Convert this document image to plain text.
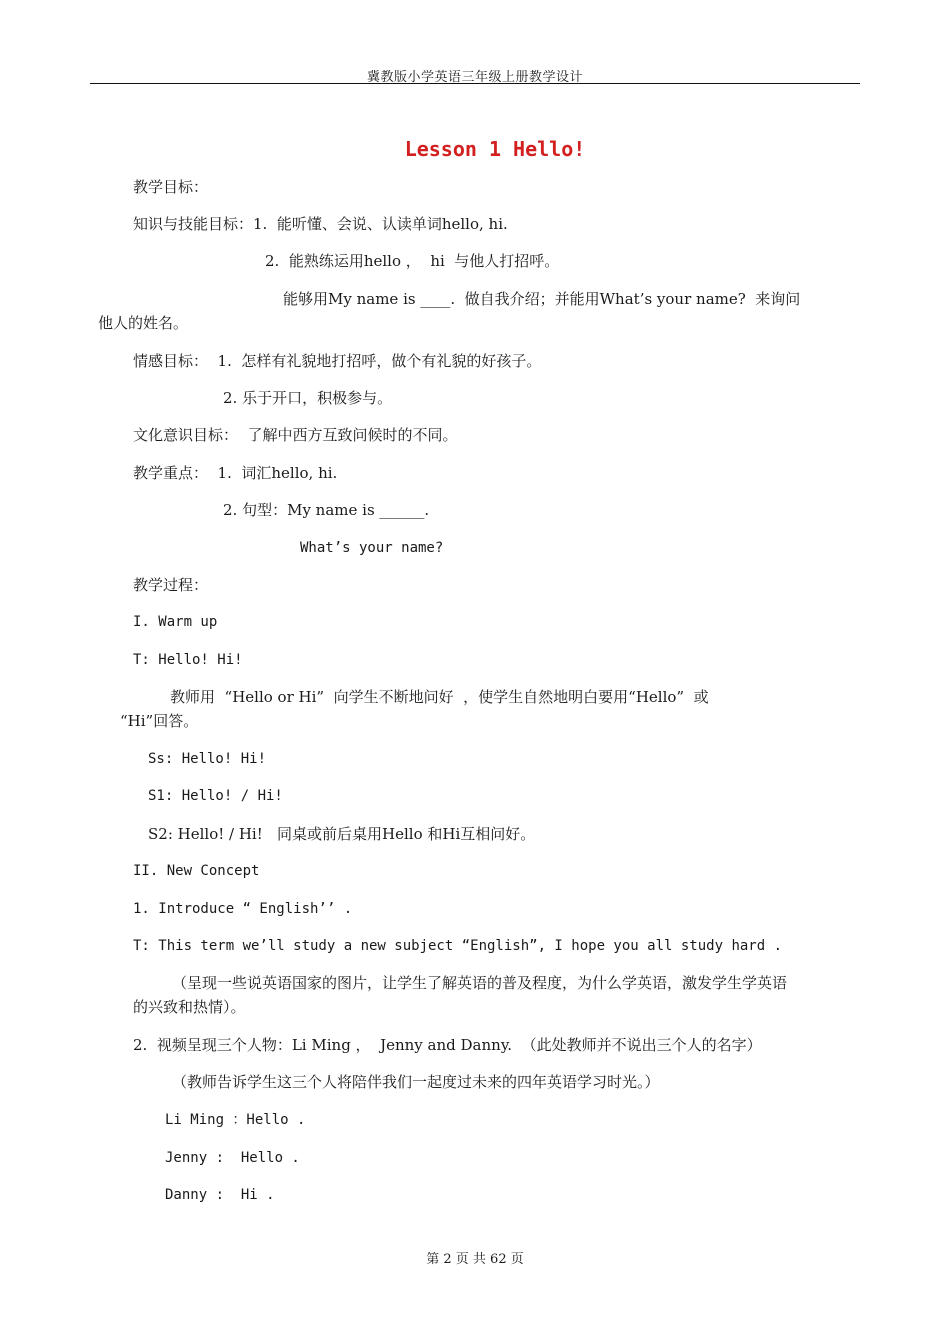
冀教版小学英语三年级上册教学设计
Lesson 1 Hello!
教学目标：
知识与技能目标：1.  能听懂、会说、认读单词hello, hi.
2.  能熟练运用hello ，  hi  与他人打招呼。
能够用My name is ____.  做自我介绍；并能用What’s your name?  来询问
他人的姓名。
情感目标：  1.  怎样有礼貌地打招呼，做个有礼貌的好孩子。
2. 乐于开口，积极参与。
文化意识目标：  了解中西方互致问候时的不同。
教学重点：  1.  词汇hello, hi.
2. 句型：My name is ______.
What’s your name?
教学过程：
I. Warm up
T: Hello! Hi!
教师用  “Hello or Hi”  向学生不断地问好  ，使学生自然地明白要用“Hello”  或
“Hi”回答。
Ss: Hello! Hi!
S1: Hello! / Hi!
S2: Hello! / Hi!   同桌或前后桌用Hello 和Hi互相问好。
II. New Concept
1. Introduce “ English’’ .
T: This term we’ll study a new subject “English”, I hope you all study hard .
（呈现一些说英语国家的图片，让学生了解英语的普及程度，为什么学英语，激发学生学英语
的兴致和热情）。
2.  视频呈现三个人物：Li Ming ，  Jenny and Danny.  （此处教师并不说出三个人的名字）
（教师告诉学生这三个人将陪伴我们一起度过未来的四年英语学习时光。）
Li Ming ：Hello .
Jenny :  Hello .
Danny :  Hi .
第 2 页 共 62 页
